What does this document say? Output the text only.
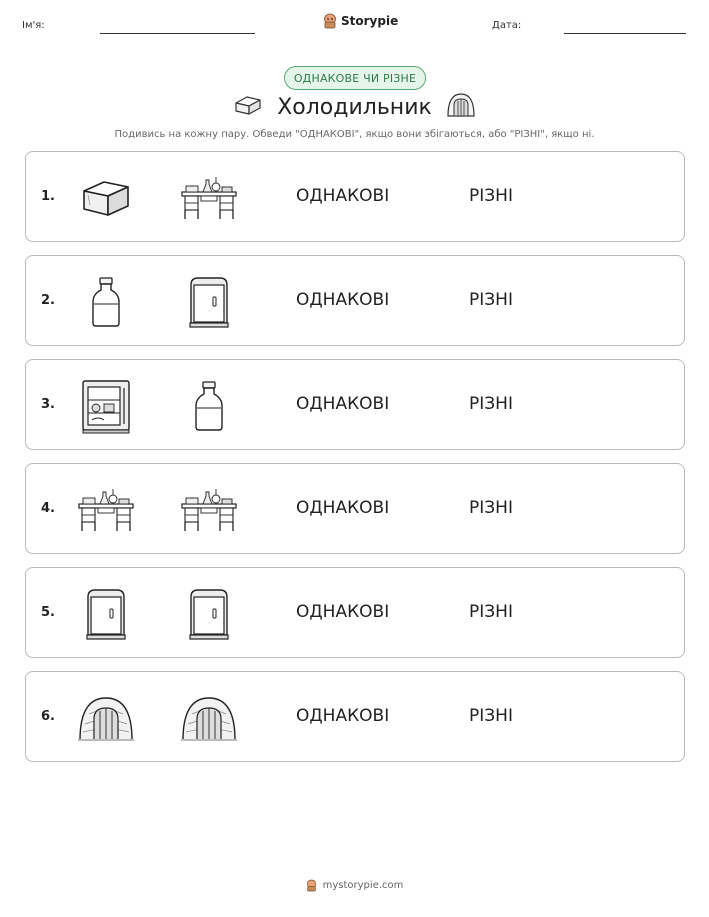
Ім'я:	Storypie	Дата:
ОДНАКОВЕ ЧИ РІЗНЕ
Холодильник
Подивись на кожну пару. Обведи "ОДНАКОВІ", якщо вони збігаються, або "РІЗНІ", якщо ні.
1.	ОДНАКОВІ	РІЗНІ
2.	ОДНАКОВІ	РІЗНІ
3.	ОДНАКОВІ	РІЗНІ
4.	ОДНАКОВІ	РІЗНІ
5.	ОДНАКОВІ	РІЗНІ
6.	ОДНАКОВІ	РІЗНІ
mystorypie.com
